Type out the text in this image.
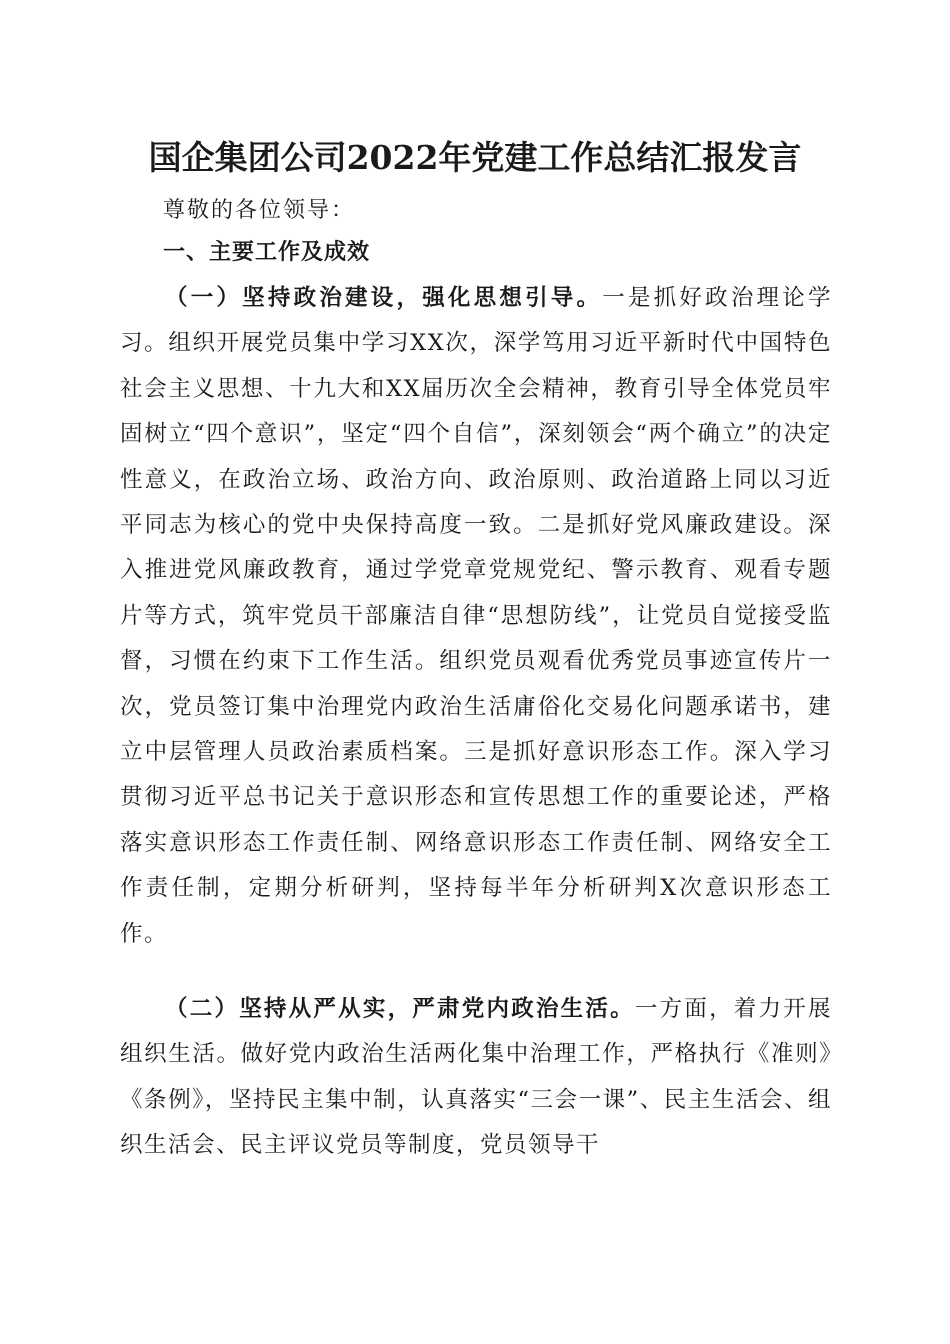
国企集团公司2022年党建工作总结汇报发言

尊敬的各位领导：

一、主要工作及成效

（一）坚持政治建设，强化思想引导。一是抓好政治理论学习。组织开展党员集中学习XX次，深学笃用习近平新时代中国特色社会主义思想、十九大和XX届历次全会精神，教育引导全体党员牢固树立“四个意识”，坚定“四个自信”，深刻领会“两个确立”的决定性意义，在政治立场、政治方向、政治原则、政治道路上同以习近平同志为核心的党中央保持高度一致。二是抓好党风廉政建设。深入推进党风廉政教育，通过学党章党规党纪、警示教育、观看专题片等方式，筑牢党员干部廉洁自律“思想防线”，让党员自觉接受监督，习惯在约束下工作生活。组织党员观看优秀党员事迹宣传片一次，党员签订集中治理党内政治生活庸俗化交易化问题承诺书，建立中层管理人员政治素质档案。三是抓好意识形态工作。深入学习贯彻习近平总书记关于意识形态和宣传思想工作的重要论述，严格落实意识形态工作责任制、网络意识形态工作责任制、网络安全工作责任制，定期分析研判，坚持每半年分析研判X次意识形态工作。

（二）坚持从严从实，严肃党内政治生活。一方面，着力开展组织生活。做好党内政治生活两化集中治理工作，严格执行《准则》《条例》，坚持民主集中制，认真落实“三会一课”、民主生活会、组织生活会、民主评议党员等制度，党员领导干
